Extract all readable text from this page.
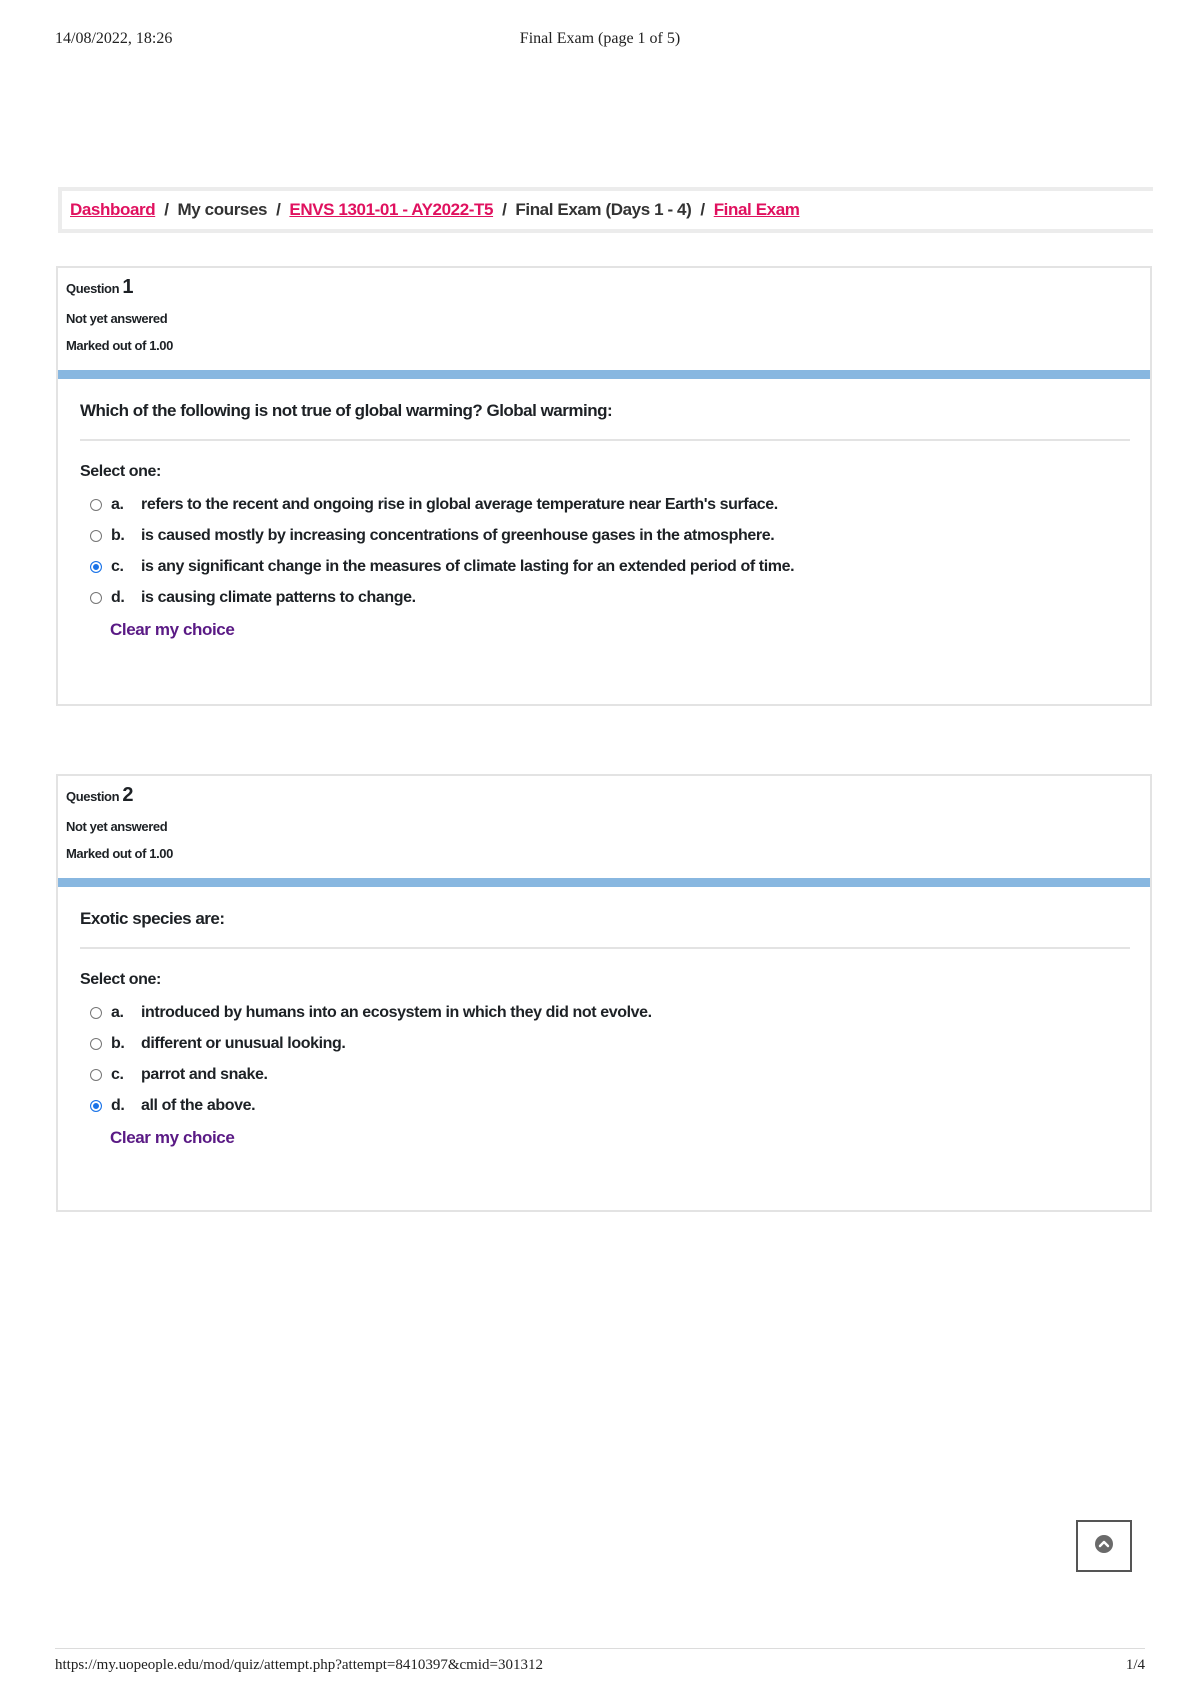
14/08/2022, 18:26	Final Exam (page 1 of 5)
Dashboard / My courses / ENVS 1301-01 - AY2022-T5 / Final Exam (Days 1 - 4) / Final Exam
Question 1
Not yet answered
Marked out of 1.00
Which of the following is not true of global warming? Global warming:
Select one:
a.	refers to the recent and ongoing rise in global average temperature near Earth's surface.
b.	is caused mostly by increasing concentrations of greenhouse gases in the atmosphere.
c.	is any significant change in the measures of climate lasting for an extended period of time.
d.	is causing climate patterns to change.
Clear my choice
Question 2
Not yet answered
Marked out of 1.00
Exotic species are:
Select one:
a.	introduced by humans into an ecosystem in which they did not evolve.
b.	different or unusual looking.
c.	parrot and snake.
d.	all of the above.
Clear my choice
https://my.uopeople.edu/mod/quiz/attempt.php?attempt=8410397&cmid=301312	1/4
